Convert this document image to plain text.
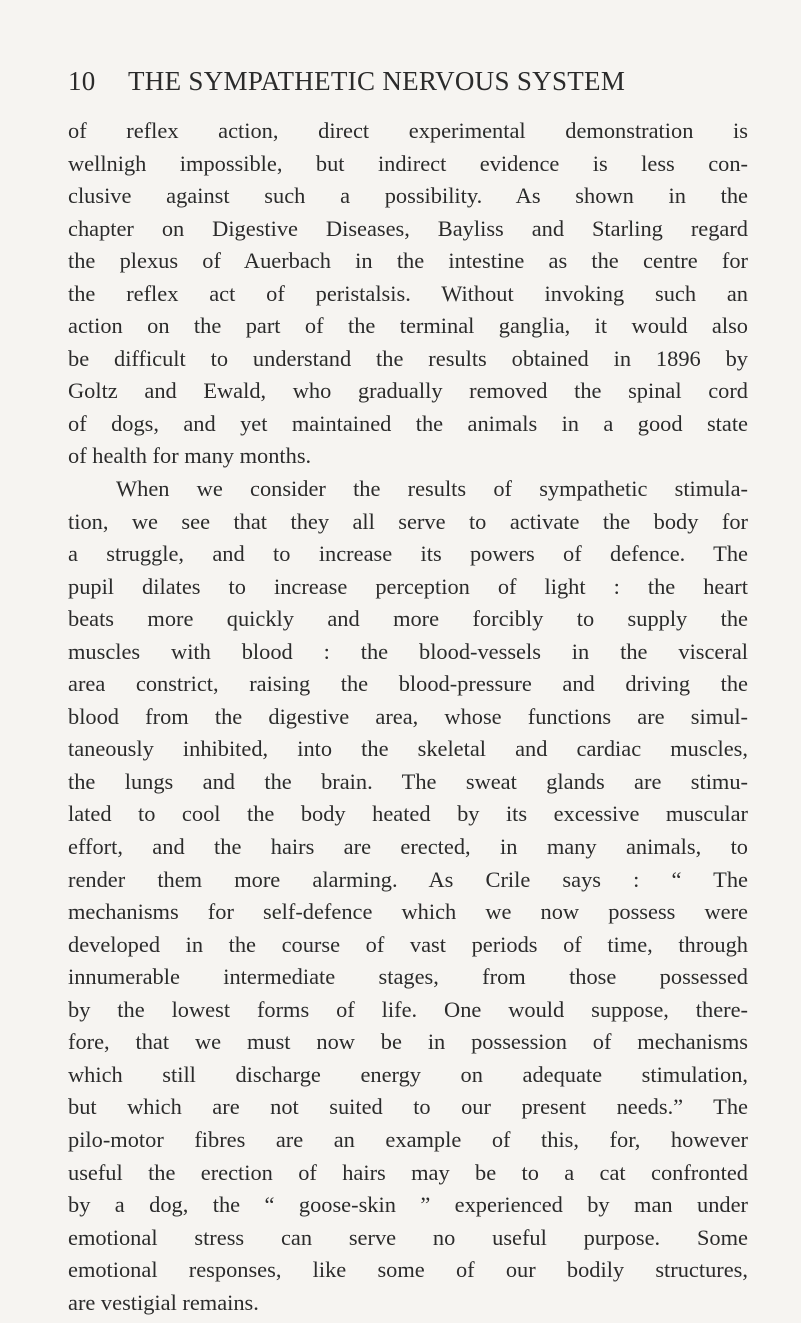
10 THE SYMPATHETIC NERVOUS SYSTEM
of reflex action, direct experimental demonstration is
wellnigh impossible, but indirect evidence is less con-
clusive against such a possibility. As shown in the
chapter on Digestive Diseases, Bayliss and Starling regard
the plexus of Auerbach in the intestine as the centre for
the reflex act of peristalsis. Without invoking such an
action on the part of the terminal ganglia, it would also
be difficult to understand the results obtained in 1896 by
Goltz and Ewald, who gradually removed the spinal cord
of dogs, and yet maintained the animals in a good state
of health for many months.
When we consider the results of sympathetic stimula-
tion, we see that they all serve to activate the body for
a struggle, and to increase its powers of defence. The
pupil dilates to increase perception of light : the heart
beats more quickly and more forcibly to supply the
muscles with blood : the blood-vessels in the visceral
area constrict, raising the blood-pressure and driving the
blood from the digestive area, whose functions are simul-
taneously inhibited, into the skeletal and cardiac muscles,
the lungs and the brain. The sweat glands are stimu-
lated to cool the body heated by its excessive muscular
effort, and the hairs are erected, in many animals, to
render them more alarming. As Crile says : “ The
mechanisms for self-defence which we now possess were
developed in the course of vast periods of time, through
innumerable intermediate stages, from those possessed
by the lowest forms of life. One would suppose, there-
fore, that we must now be in possession of mechanisms
which still discharge energy on adequate stimulation,
but which are not suited to our present needs.” The
pilo-motor fibres are an example of this, for, however
useful the erection of hairs may be to a cat confronted
by a dog, the “ goose-skin ” experienced by man under
emotional stress can serve no useful purpose. Some
emotional responses, like some of our bodily structures,
are vestigial remains.
